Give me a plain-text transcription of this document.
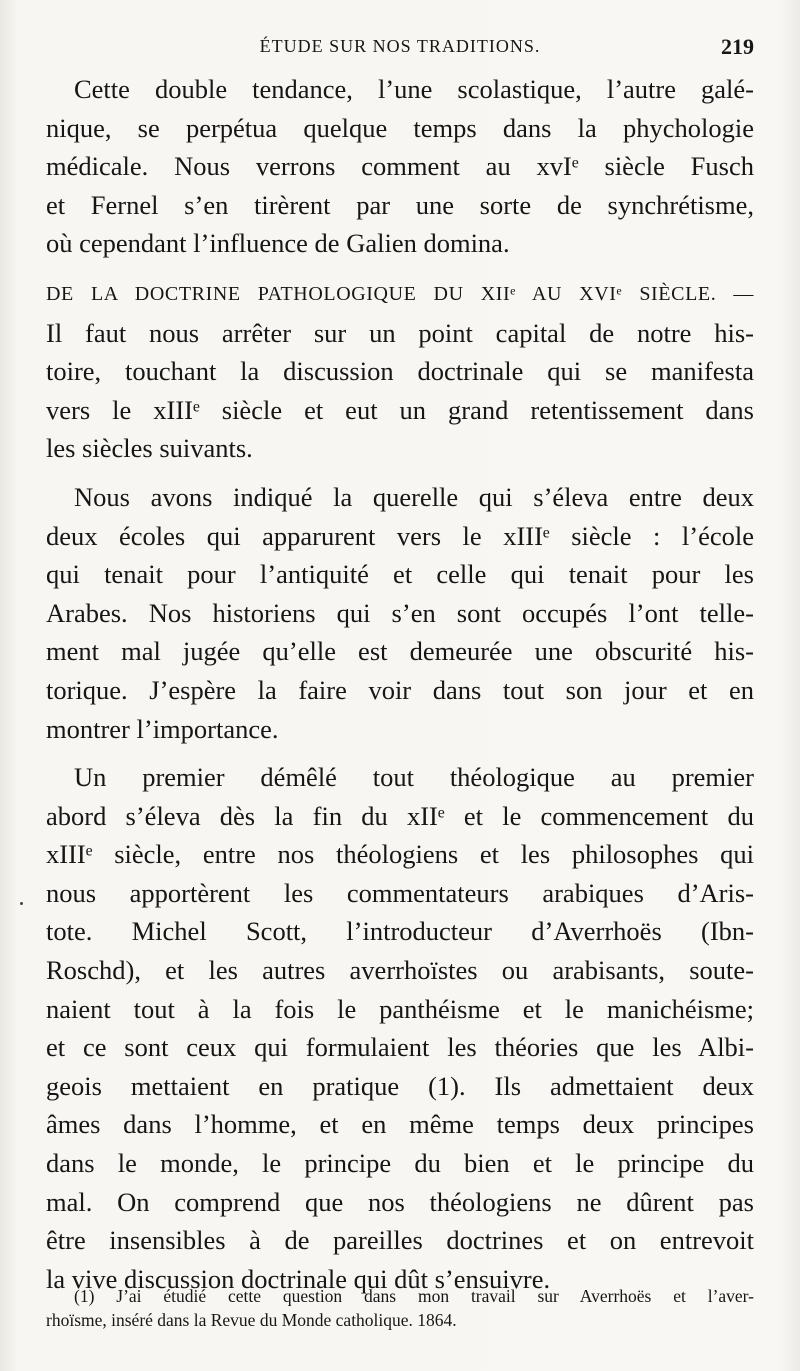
ÉTUDE SUR NOS TRADITIONS.	219
Cette double tendance, l’une scolastique, l’autre galé-
nique, se perpétua quelque temps dans la phychologie
médicale. Nous verrons comment au xvIᵉ siècle Fusch
et Fernel s’en tirèrent par une sorte de synchrétisme,
où cependant l’influence de Galien domina.
DE LA DOCTRINE PATHOLOGIQUE DU XIIᵉ AU XVIᵉ SIÈCLE. —
Il faut nous arrêter sur un point capital de notre his-
toire, touchant la discussion doctrinale qui se manifesta
vers le xIIIᵉ siècle et eut un grand retentissement dans
les siècles suivants.
Nous avons indiqué la querelle qui s’éleva entre deux
deux écoles qui apparurent vers le xIIIᵉ siècle : l’école
qui tenait pour l’antiquité et celle qui tenait pour les
Arabes. Nos historiens qui s’en sont occupés l’ont telle-
ment mal jugée qu’elle est demeurée une obscurité his-
torique. J’espère la faire voir dans tout son jour et en
montrer l’importance.
Un premier démêlé tout théologique au premier
abord s’éleva dès la fin du xIIᵉ et le commencement du
xIIIᵉ siècle, entre nos théologiens et les philosophes qui
nous apportèrent les commentateurs arabiques d’Aris-
tote. Michel Scott, l’introducteur d’Averrhoës (Ibn-
Roschd), et les autres averrhoïstes ou arabisants, soute-
naient tout à la fois le panthéisme et le manichéisme;
et ce sont ceux qui formulaient les théories que les Albi-
geois mettaient en pratique (1). Ils admettaient deux
âmes dans l’homme, et en même temps deux principes
dans le monde, le principe du bien et le principe du
mal. On comprend que nos théologiens ne dûrent pas
être insensibles à de pareilles doctrines et on entrevoit
la vive discussion doctrinale qui dût s’ensuivre.
(1) J’ai étudié cette question dans mon travail sur Averrhoës et l’aver-
rhoïsme, inséré dans la Revue du Monde catholique. 1864.
